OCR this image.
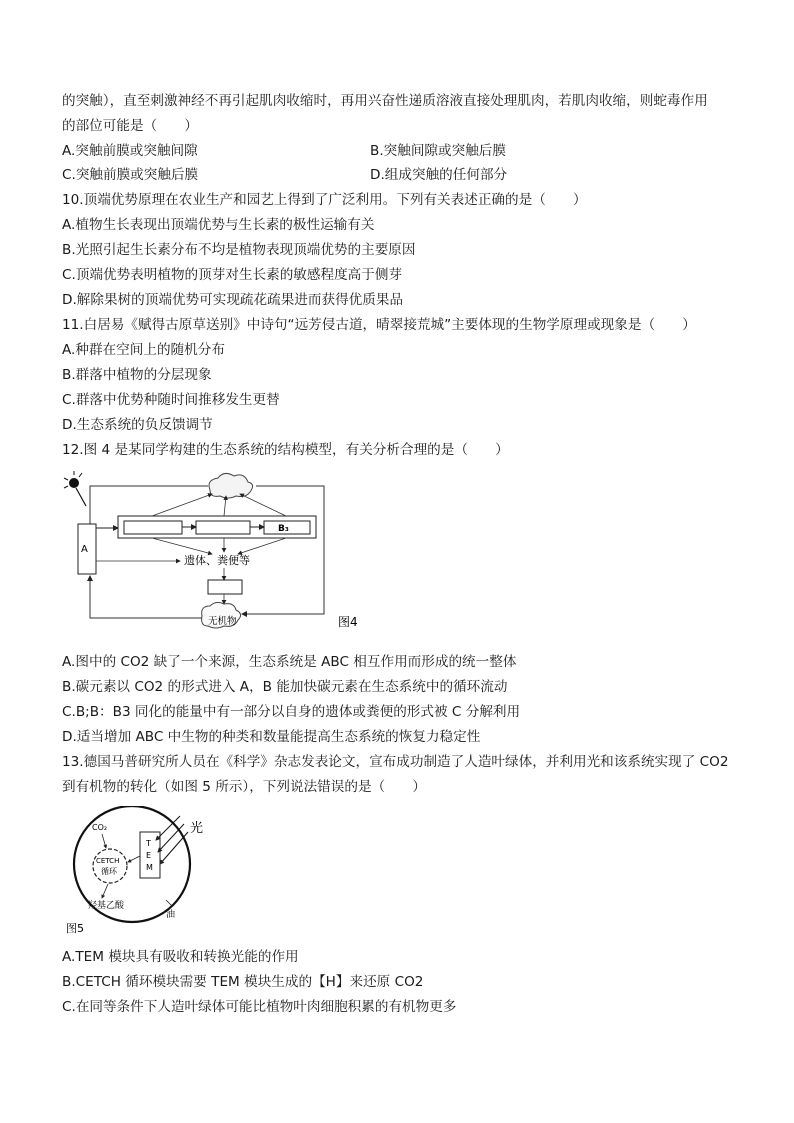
的突触），直至刺激神经不再引起肌肉收缩时，再用兴奋性递质溶液直接处理肌肉，若肌肉收缩，则蛇毒作用
的部位可能是（　　）
A.突触前膜或突触间隙	B.突触间隙或突触后膜
C.突触前膜或突触后膜	D.组成突触的任何部分
10.顶端优势原理在农业生产和园艺上得到了广泛利用。下列有关表述正确的是（　　）
A.植物生长表现出顶端优势与生长素的极性运输有关
B.光照引起生长素分布不均是植物表现顶端优势的主要原因
C.顶端优势表明植物的顶芽对生长素的敏感程度高于侧芽
D.解除果树的顶端优势可实现疏花疏果进而获得优质果品
11.白居易《赋得古原草送别》中诗句“远芳侵古道，晴翠接荒城”主要体现的生物学原理或现象是（　　）
A.种群在空间上的随机分布
B.群落中植物的分层现象
C.群落中优势种随时间推移发生更替
D.生态系统的负反馈调节
12.图 4 是某同学构建的生态系统的结构模型，有关分析合理的是（　　）
A
B₃
遗体、粪便等
无机物	图4
A.图中的 CO2 缺了一个来源，生态系统是 ABC 相互作用而形成的统一整体
B.碳元素以 CO2 的形式进入 A，B 能加快碳元素在生态系统中的循环流动
C.B;B：B3 同化的能量中有一部分以自身的遗体或粪便的形式被 C 分解利用
D.适当增加 ABC 中生物的种类和数量能提高生态系统的恢复力稳定性
13.德国马普研究所人员在《科学》杂志发表论文，宣布成功制造了人造叶绿体，并利用光和该系统实现了 CO2
到有机物的转化（如图 5 所示），下列说法错误的是（　　）
CO₂
CETCH
循环
羟基乙酸
T
E
M
光
油
图5
A.TEM 模块具有吸收和转换光能的作用
B.CETCH 循环模块需要 TEM 模块生成的【H】来还原 CO2
C.在同等条件下人造叶绿体可能比植物叶肉细胞积累的有机物更多
